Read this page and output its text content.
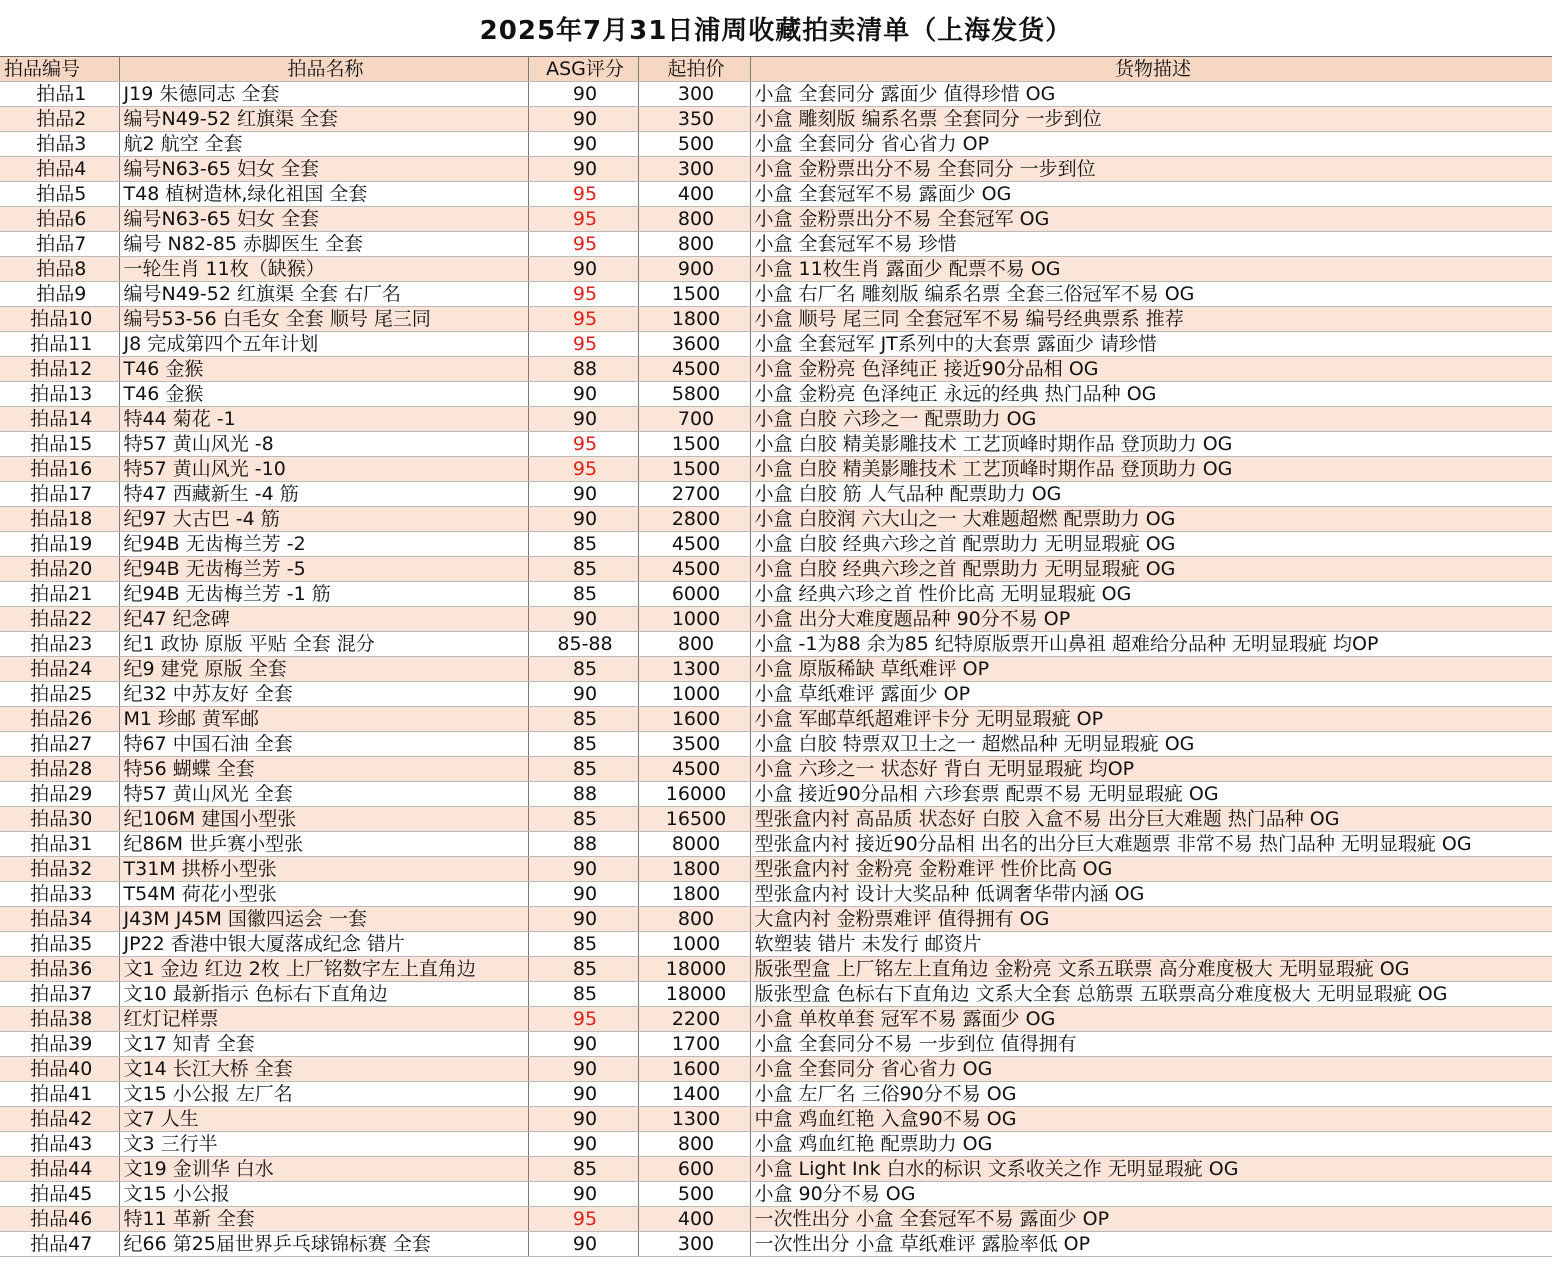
2025年7月31日浦周收藏拍卖清单（上海发货）
拍品编号	拍品名称	ASG评分	起拍价	货物描述
拍品1	J19 朱德同志 全套	90	300	小盒 全套同分 露面少 值得珍惜 OG
拍品2	编号N49-52 红旗渠 全套	90	350	小盒 雕刻版 编系名票 全套同分 一步到位
拍品3	航2 航空 全套	90	500	小盒 全套同分 省心省力 OP
拍品4	编号N63-65 妇女 全套	90	300	小盒 金粉票出分不易 全套同分 一步到位
拍品5	T48 植树造林,绿化祖国 全套	95	400	小盒 全套冠军不易 露面少 OG
拍品6	编号N63-65 妇女 全套	95	800	小盒 金粉票出分不易 全套冠军 OG
拍品7	编号 N82-85 赤脚医生 全套	95	800	小盒 全套冠军不易 珍惜
拍品8	一轮生肖 11枚（缺猴）	90	900	小盒 11枚生肖 露面少 配票不易 OG
拍品9	编号N49-52 红旗渠 全套 右厂名	95	1500	小盒 右厂名 雕刻版 编系名票 全套三俗冠军不易 OG
拍品10	编号53-56 白毛女 全套 顺号 尾三同	95	1800	小盒 顺号 尾三同 全套冠军不易 编号经典票系 推荐
拍品11	J8 完成第四个五年计划	95	3600	小盒 全套冠军 JT系列中的大套票 露面少 请珍惜
拍品12	T46 金猴	88	4500	小盒 金粉亮 色泽纯正 接近90分品相 OG
拍品13	T46 金猴	90	5800	小盒 金粉亮 色泽纯正 永远的经典 热门品种 OG
拍品14	特44 菊花 -1	90	700	小盒 白胶 六珍之一 配票助力 OG
拍品15	特57 黄山风光 -8	95	1500	小盒 白胶 精美影雕技术 工艺顶峰时期作品 登顶助力 OG
拍品16	特57 黄山风光 -10	95	1500	小盒 白胶 精美影雕技术 工艺顶峰时期作品 登顶助力 OG
拍品17	特47 西藏新生 -4 筋	90	2700	小盒 白胶 筋 人气品种 配票助力 OG
拍品18	纪97 大古巴 -4 筋	90	2800	小盒 白胶润 六大山之一 大难题超燃 配票助力 OG
拍品19	纪94B 无齿梅兰芳 -2	85	4500	小盒 白胶 经典六珍之首 配票助力 无明显瑕疵 OG
拍品20	纪94B 无齿梅兰芳 -5	85	4500	小盒 白胶 经典六珍之首 配票助力 无明显瑕疵 OG
拍品21	纪94B 无齿梅兰芳 -1 筋	85	6000	小盒 经典六珍之首 性价比高 无明显瑕疵 OG
拍品22	纪47 纪念碑	90	1000	小盒 出分大难度题品种 90分不易 OP
拍品23	纪1 政协 原版 平贴 全套 混分	85-88	800	小盒 -1为88 余为85 纪特原版票开山鼻祖 超难给分品种 无明显瑕疵 均OP
拍品24	纪9 建党 原版 全套	85	1300	小盒 原版稀缺 草纸难评 OP
拍品25	纪32 中苏友好 全套	90	1000	小盒 草纸难评 露面少 OP
拍品26	M1 珍邮 黄军邮	85	1600	小盒 军邮草纸超难评卡分 无明显瑕疵 OP
拍品27	特67 中国石油 全套	85	3500	小盒 白胶 特票双卫士之一 超燃品种 无明显瑕疵 OG
拍品28	特56 蝴蝶 全套	85	4500	小盒 六珍之一 状态好 背白 无明显瑕疵 均OP
拍品29	特57 黄山风光 全套	88	16000	小盒 接近90分品相 六珍套票 配票不易 无明显瑕疵 OG
拍品30	纪106M 建国小型张	85	16500	型张盒内衬 高品质 状态好 白胶 入盒不易 出分巨大难题 热门品种 OG
拍品31	纪86M 世乒赛小型张	88	8000	型张盒内衬 接近90分品相 出名的出分巨大难题票 非常不易 热门品种 无明显瑕疵 OG
拍品32	T31M 拱桥小型张	90	1800	型张盒内衬 金粉亮 金粉难评 性价比高 OG
拍品33	T54M 荷花小型张	90	1800	型张盒内衬 设计大奖品种 低调奢华带内涵 OG
拍品34	J43M J45M 国徽四运会 一套	90	800	大盒内衬 金粉票难评 值得拥有 OG
拍品35	JP22 香港中银大厦落成纪念 错片	85	1000	软塑装 错片 未发行 邮资片
拍品36	文1 金边 红边 2枚 上厂铭数字左上直角边	85	18000	版张型盒 上厂铭左上直角边 金粉亮 文系五联票 高分难度极大 无明显瑕疵 OG
拍品37	文10 最新指示 色标右下直角边	85	18000	版张型盒 色标右下直角边 文系大全套 总筋票 五联票高分难度极大 无明显瑕疵 OG
拍品38	红灯记样票	95	2200	小盒 单枚单套 冠军不易 露面少 OG
拍品39	文17 知青 全套	90	1700	小盒 全套同分不易 一步到位 值得拥有
拍品40	文14 长江大桥 全套	90	1600	小盒 全套同分 省心省力 OG
拍品41	文15 小公报 左厂名	90	1400	小盒 左厂名 三俗90分不易 OG
拍品42	文7 人生	90	1300	中盒 鸡血红艳 入盒90不易 OG
拍品43	文3 三行半	90	800	小盒 鸡血红艳 配票助力 OG
拍品44	文19 金训华 白水	85	600	小盒 Light Ink 白水的标识 文系收关之作 无明显瑕疵 OG
拍品45	文15 小公报	90	500	小盒 90分不易 OG
拍品46	特11 革新 全套	95	400	一次性出分 小盒 全套冠军不易 露面少 OP
拍品47	纪66 第25届世界乒乓球锦标赛 全套	90	300	一次性出分 小盒 草纸难评 露脸率低 OP
